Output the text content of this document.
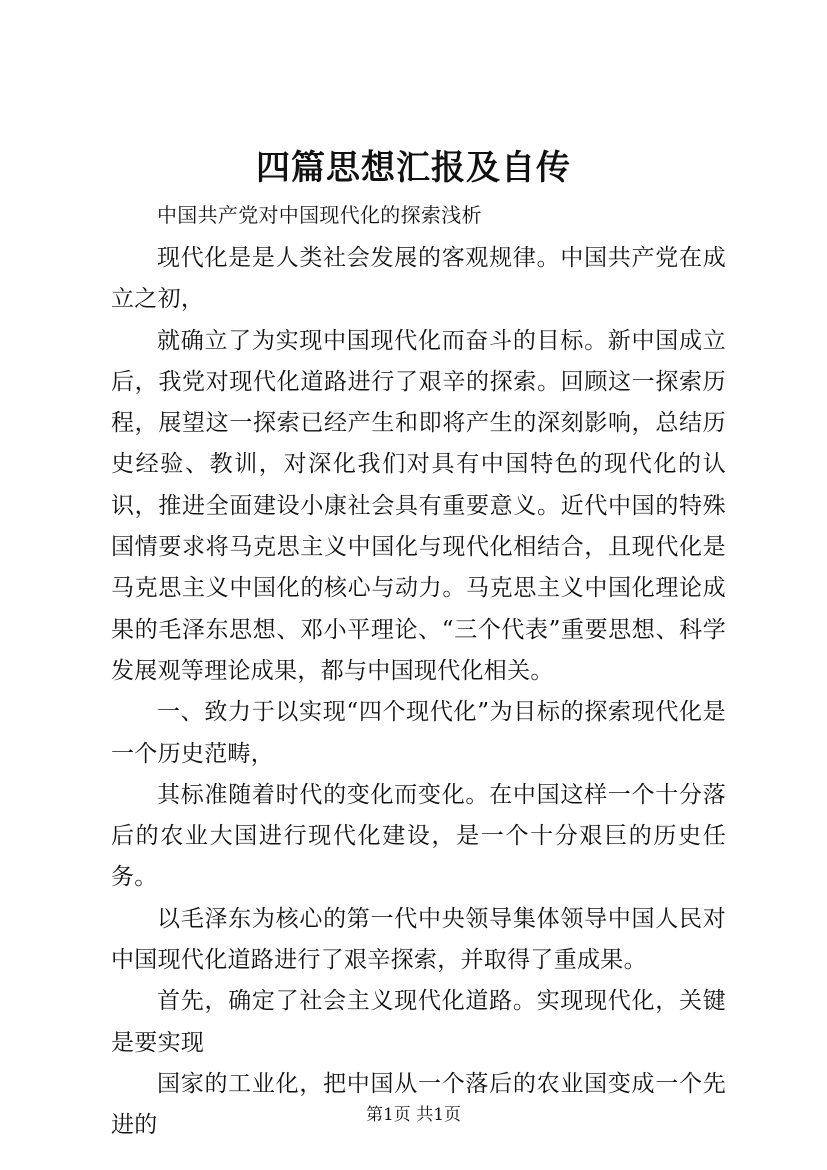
四篇思想汇报及自传

中国共产党对中国现代化的探索浅析

现代化是是人类社会发展的客观规律。中国共产党在成立之初，

就确立了为实现中国现代化而奋斗的目标。新中国成立后，我党对现代化道路进行了艰辛的探索。回顾这一探索历程，展望这一探索已经产生和即将产生的深刻影响，总结历史经验、教训，对深化我们对具有中国特色的现代化的认识，推进全面建设小康社会具有重要意义。近代中国的特殊国情要求将马克思主义中国化与现代化相结合，且现代化是马克思主义中国化的核心与动力。马克思主义中国化理论成果的毛泽东思想、邓小平理论、“三个代表”重要思想、科学发展观等理论成果，都与中国现代化相关。

一、致力于以实现“四个现代化”为目标的探索现代化是一个历史范畴，

其标准随着时代的变化而变化。在中国这样一个十分落后的农业大国进行现代化建设，是一个十分艰巨的历史任务。

以毛泽东为核心的第一代中央领导集体领导中国人民对中国现代化道路进行了艰辛探索，并取得了重成果。

首先，确定了社会主义现代化道路。实现现代化，关键是要实现

国家的工业化，把中国从一个落后的农业国变成一个先进的	第1页 共1页
